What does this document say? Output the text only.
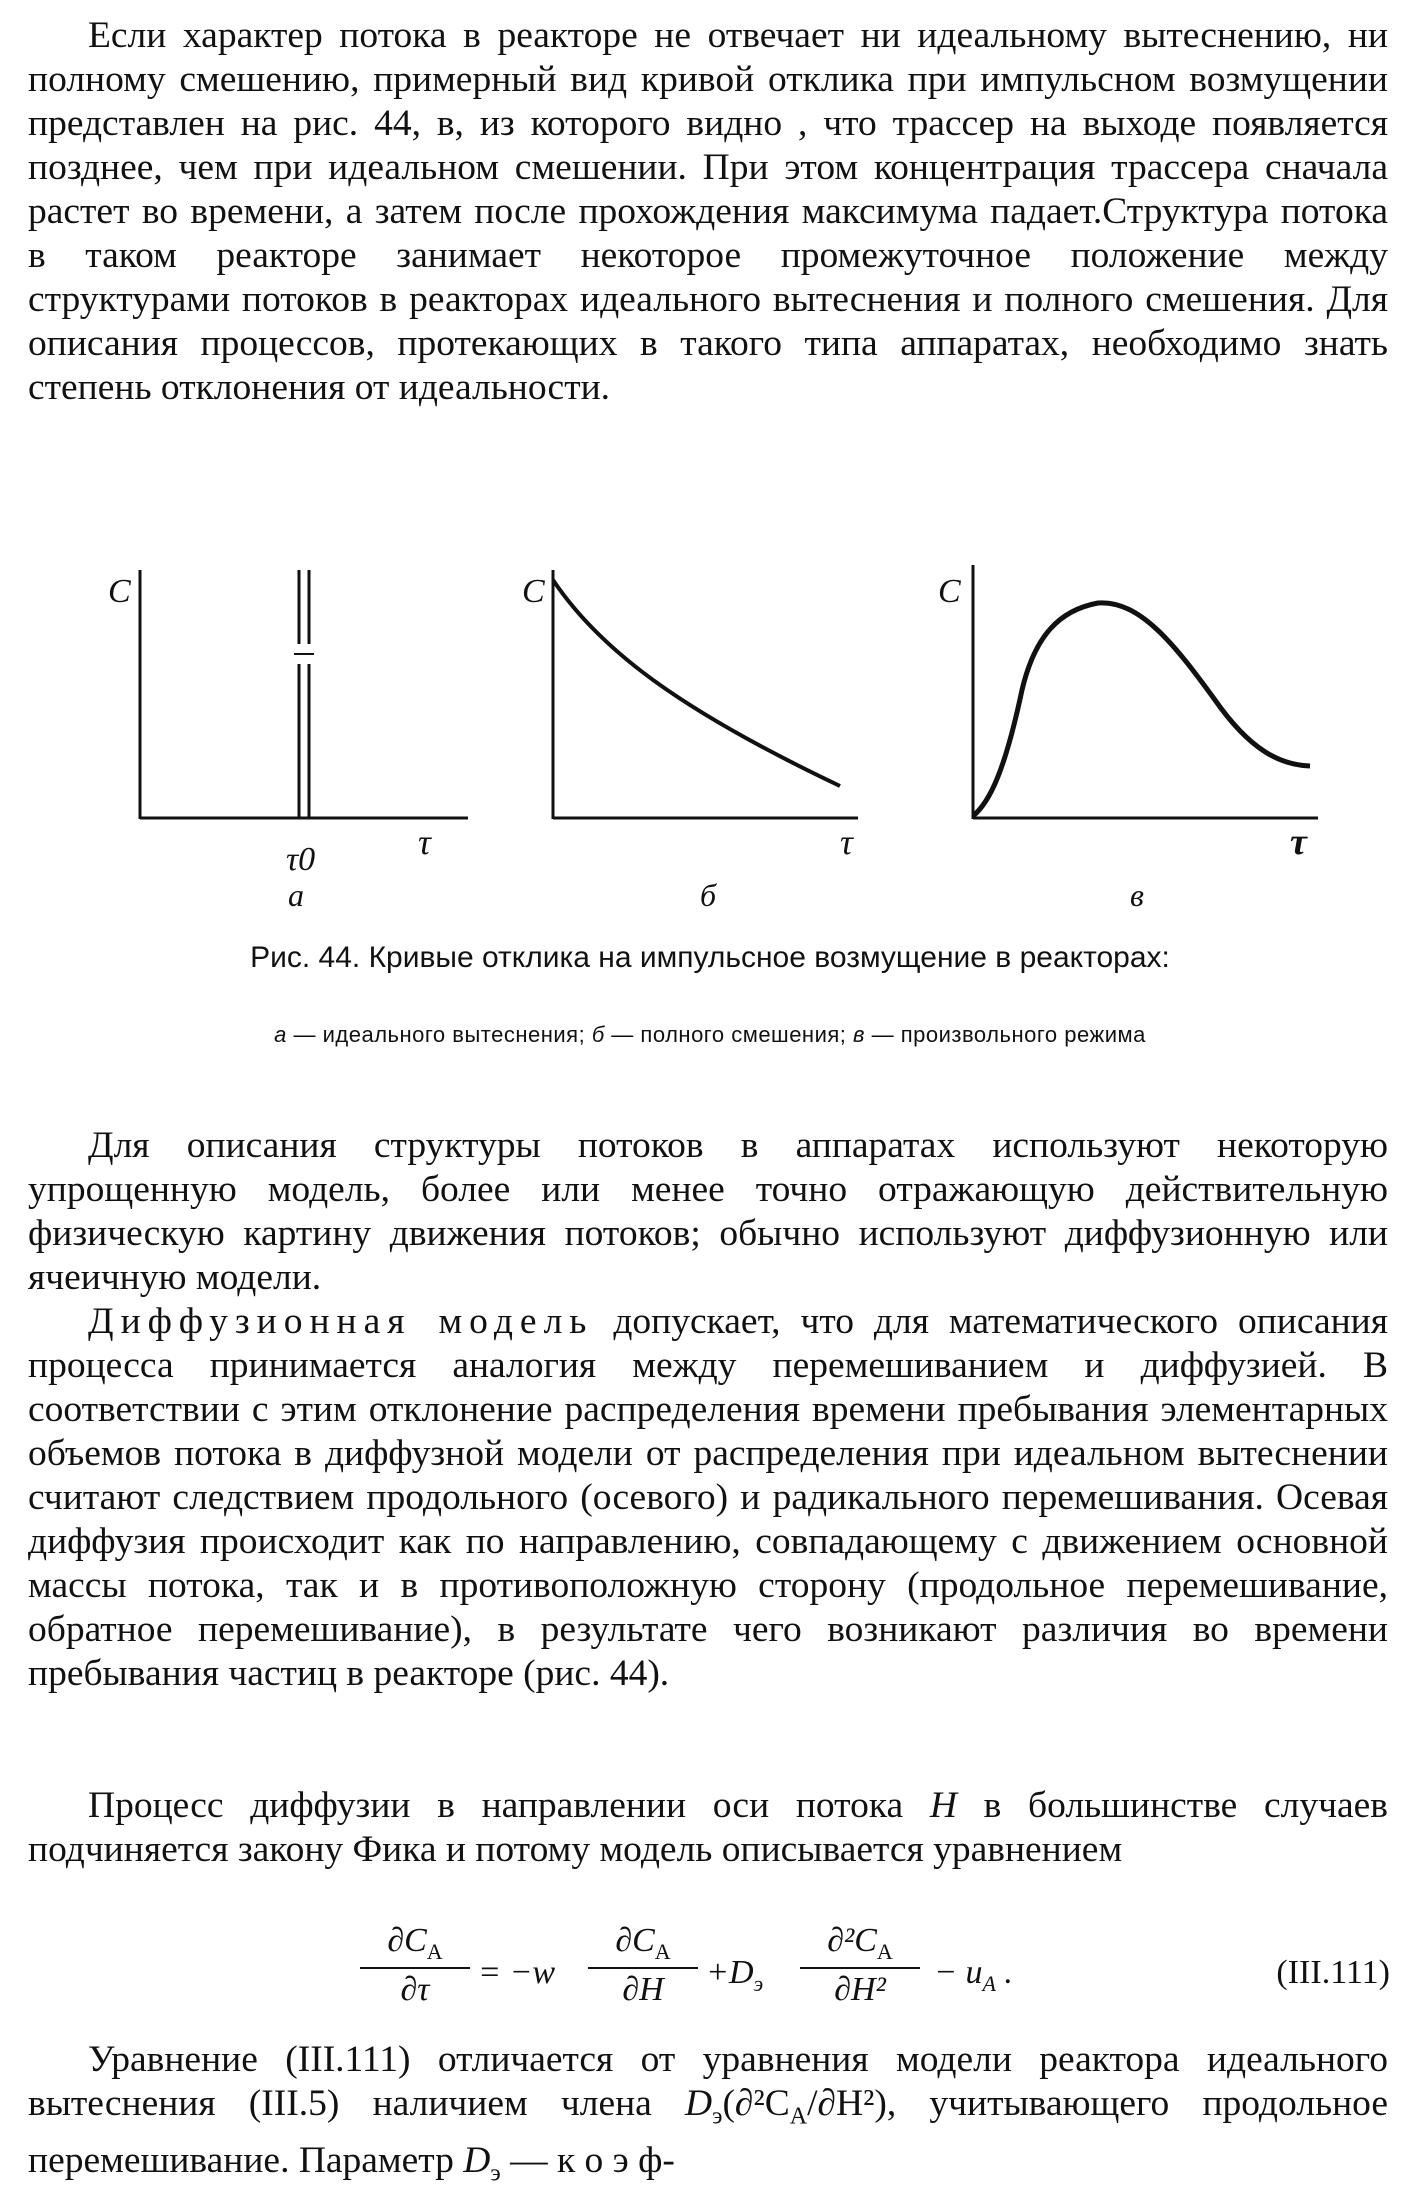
Если характер потока в реакторе не отвечает ни идеальному вытеснению, ни полному смешению, примерный вид кривой отклика при импульсном возмущении представлен на рис. 44, в, из которого видно , что трассер на выходе появляется позднее, чем при идеальном смешении. При этом концентрация трассера сначала растет во времени, а затем после прохождения максимума падает.Структура потока в таком реакторе занимает некоторое промежуточное положение между структурами потоков в реакторах идеального вытеснения и полного смешения. Для описания процессов, протекающих в такого типа аппаратах, необходимо знать степень отклонения от идеальности.

C
τ0	τ
а
C
τ
б
C
τ
в
Рис. 44. Кривые отклика на импульсное возмущение в реакторах:
а — идеального вытеснения; б — полного смешения; в — произвольного режима

Для описания структуры потоков в аппаратах используют некоторую упрощенную модель, более или менее точно отражающую действительную физическую картину движения потоков; обычно используют диффузионную или ячеичную модели.

Диффузионная модель допускает, что для математического описания процесса принимается аналогия между перемешиванием и диффузией. В соответствии с этим отклонение распределения времени пребывания элементарных объемов потока в диффузной модели от распределения при идеальном вытеснении считают следствием продольного (осевого) и радикального перемешивания. Осевая диффузия происходит как по направлению, совпадающему с движением основной массы потока, так и в противоположную сторону (продольное перемешивание, обратное перемешивание), в результате чего возникают различия во времени пребывания частиц в реакторе (рис. 44).

Процесс диффузии в направлении оси потока H в большинстве случаев подчиняется закону Фика и потому модель описывается уравнением

$\frac{\partial C_A}{\partial\tau} = -w \frac{\partial C_A}{\partial H} +D_э \frac{\partial^2C_A}{\text{∂H²}} - u_A$ .	(III.111)

Уравнение (III.111) отличается от уравнения модели реактора идеального вытеснения (III.5) наличием члена $D_э(\partial^2C_A/\partial H^2)$, учитывающего продольное перемешивание. Параметр $D_э$ — к о э ф-
